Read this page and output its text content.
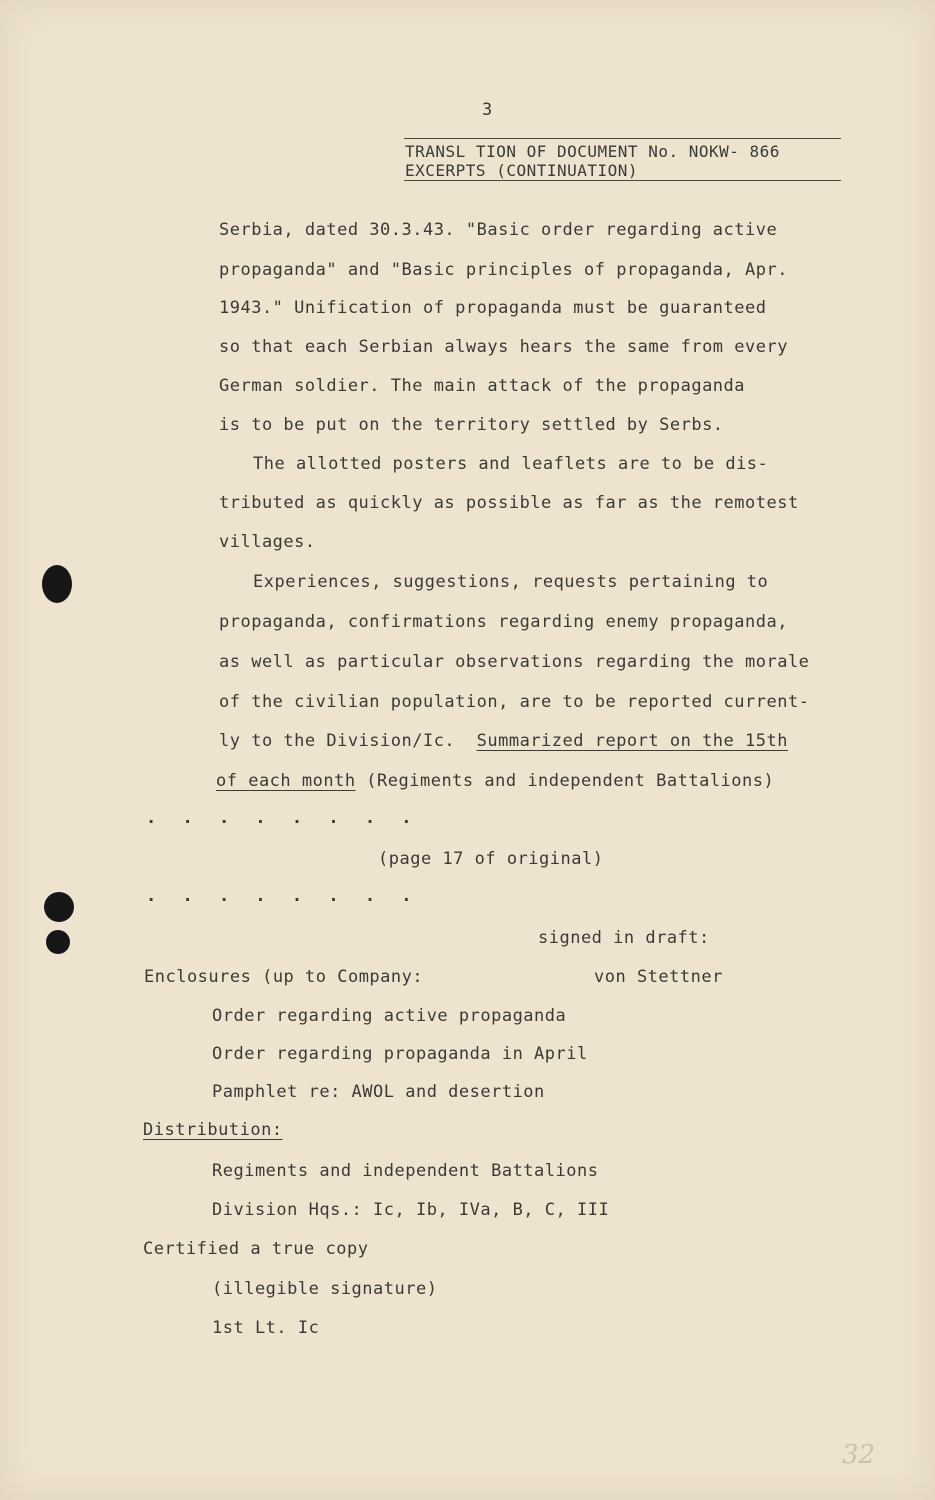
3
TRANSL TION OF DOCUMENT No. NOKW- 866
EXCERPTS (CONTINUATION)
Serbia, dated 30.3.43. "Basic order regarding active
propaganda" and "Basic principles of propaganda, Apr.
1943." Unification of propaganda must be guaranteed
so that each Serbian always hears the same from every
German soldier. The main attack of the propaganda
is to be put on the territory settled by Serbs.
The allotted posters and leaflets are to be dis-
tributed as quickly as possible as far as the remotest
villages.
Experiences, suggestions, requests pertaining to
propaganda, confirmations regarding enemy propaganda,
as well as particular observations regarding the morale
of the civilian population, are to be reported current-
ly to the Division/Ic.  Summarized report on the 15th
of each month (Regiments and independent Battalions)
. . . . . . . .
(page 17 of original)
. . . . . . . .
signed in draft:
Enclosures (up to Company:	von Stettner
Order regarding active propaganda
Order regarding propaganda in April
Pamphlet re: AWOL and desertion
Distribution:
Regiments and independent Battalions
Division Hqs.: Ic, Ib, IVa, B, C, III
Certified a true copy
(illegible signature)
1st Lt. Ic
32
